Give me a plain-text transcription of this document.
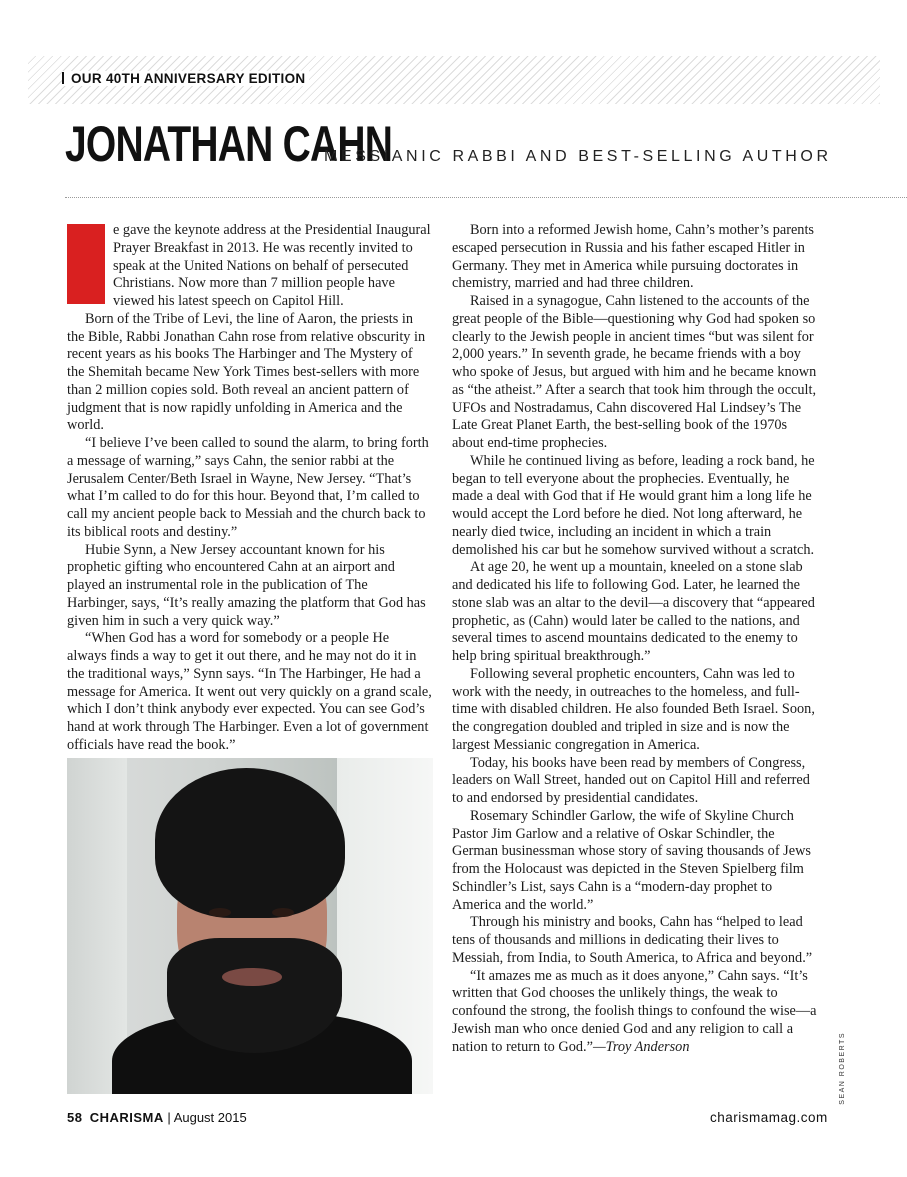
OUR 40TH ANNIVERSARY EDITION
JONATHAN CAHN
MESSIANIC RABBI AND BEST-SELLING AUTHOR

e gave the keynote address at the Presidential Inaugural Prayer Breakfast in 2013. He was recently invited to speak at the United Nations on behalf of persecuted Christians. Now more than 7 million people have viewed his latest speech on Capitol Hill.

Born of the Tribe of Levi, the line of Aaron, the priests in the Bible, Rabbi Jonathan Cahn rose from relative obscurity in recent years as his books The Harbinger and The Mystery of the Shemitah became New York Times best-sellers with more than 2 million copies sold. Both reveal an ancient pattern of judgment that is now rapidly unfolding in America and the world.

“I believe I’ve been called to sound the alarm, to bring forth a message of warning,” says Cahn, the senior rabbi at the Jerusalem Center/Beth Israel in Wayne, New Jersey. “That’s what I’m called to do for this hour. Beyond that, I’m called to call my ancient people back to Messiah and the church back to its biblical roots and destiny.”

Hubie Synn, a New Jersey accountant known for his prophetic gifting who encountered Cahn at an airport and played an instrumental role in the publication of The Harbinger, says, “It’s really amazing the platform that God has given him in such a very quick way.”

“When God has a word for somebody or a people He always finds a way to get it out there, and he may not do it in the traditional ways,” Synn says. “In The Harbinger, He had a message for America. It went out very quickly on a grand scale, which I don’t think anybody ever expected. You can see God’s hand at work through The Harbinger. Even a lot of government officials have read the book.”

Born into a reformed Jewish home, Cahn’s mother’s parents escaped persecution in Russia and his father escaped Hitler in Germany. They met in America while pursuing doctorates in chemistry, married and had three children.

Raised in a synagogue, Cahn listened to the accounts of the great people of the Bible—questioning why God had spoken so clearly to the Jewish people in ancient times “but was silent for 2,000 years.” In seventh grade, he became friends with a boy who spoke of Jesus, but argued with him and he became known as “the atheist.” After a search that took him through the occult, UFOs and Nostradamus, Cahn discovered Hal Lindsey’s The Late Great Planet Earth, the best-selling book of the 1970s about end-time prophecies.

While he continued living as before, leading a rock band, he began to tell everyone about the prophecies. Eventually, he made a deal with God that if He would grant him a long life he would accept the Lord before he died. Not long afterward, he nearly died twice, including an incident in which a train demolished his car but he somehow survived without a scratch.

At age 20, he went up a mountain, kneeled on a stone slab and dedicated his life to following God. Later, he learned the stone slab was an altar to the devil—a discovery that “appeared prophetic, as (Cahn) would later be called to the nations, and several times to ascend mountains dedicated to the enemy to help bring spiritual breakthrough.”

Following several prophetic encounters, Cahn was led to work with the needy, in outreaches to the homeless, and full-time with disabled children. He also founded Beth Israel. Soon, the congregation doubled and tripled in size and is now the largest Messianic congregation in America.

Today, his books have been read by members of Congress, leaders on Wall Street, handed out on Capitol Hill and referred to and endorsed by presidential candidates.

Rosemary Schindler Garlow, the wife of Skyline Church Pastor Jim Garlow and a relative of Oskar Schindler, the German businessman whose story of saving thousands of Jews from the Holocaust was depicted in the Steven Spielberg film Schindler’s List, says Cahn is a “modern-day prophet to America and the world.”

Through his ministry and books, Cahn has “helped to lead tens of thousands and millions in dedicating their lives to Messiah, from India, to South America, to Africa and beyond.”

“It amazes me as much as it does anyone,” Cahn says. “It’s written that God chooses the unlikely things, the weak to confound the strong, the foolish things to confound the wise—a Jewish man who once denied God and any religion to call a nation to return to God.”—Troy Anderson	SEAN ROBERTS
58 CHARISMA | August 2015	charismamag.com
